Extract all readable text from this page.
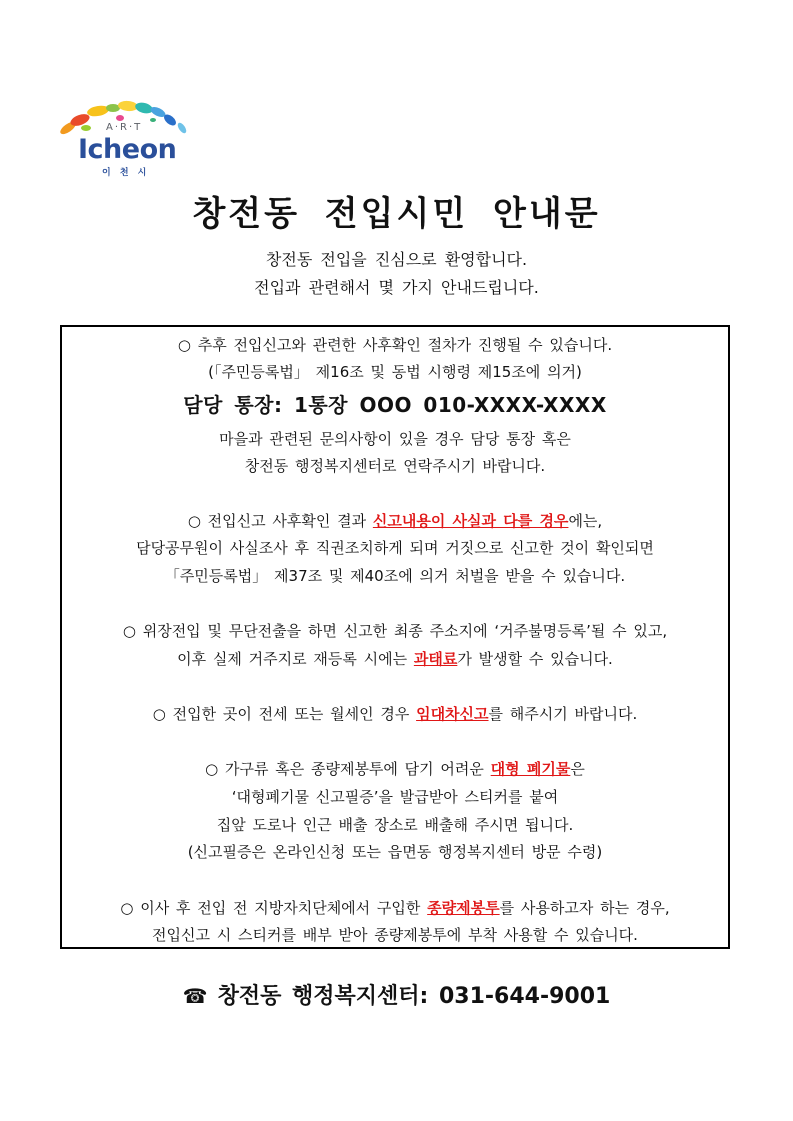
A·R·T
Icheon
이 천 시
창전동 전입시민 안내문
창전동 전입을 진심으로 환영합니다.
전입과 관련해서 몇 가지 안내드립니다.
○ 추후 전입신고와 관련한 사후확인 절차가 진행될 수 있습니다.
(「주민등록법」 제16조 및 동법 시행령 제15조에 의거)
담당 통장: 1통장 OOO 010-XXXX-XXXX
마을과 관련된 문의사항이 있을 경우 담당 통장 혹은
창전동 행정복지센터로 연락주시기 바랍니다.
○ 전입신고 사후확인 결과 신고내용이 사실과 다를 경우에는,
담당공무원이 사실조사 후 직권조치하게 되며 거짓으로 신고한 것이 확인되면
「주민등록법」 제37조 및 제40조에 의거 처벌을 받을 수 있습니다.
○ 위장전입 및 무단전출을 하면 신고한 최종 주소지에 ‘거주불명등록’될 수 있고,
이후 실제 거주지로 재등록 시에는 과태료가 발생할 수 있습니다.
○ 전입한 곳이 전세 또는 월세인 경우 임대차신고를 해주시기 바랍니다.
○ 가구류 혹은 종량제봉투에 담기 어려운 대형 폐기물은
‘대형폐기물 신고필증’을 발급받아 스티커를 붙여
집앞 도로나 인근 배출 장소로 배출해 주시면 됩니다.
(신고필증은 온라인신청 또는 읍면동 행정복지센터 방문 수령)
○ 이사 후 전입 전 지방자치단체에서 구입한 종량제봉투를 사용하고자 하는 경우,
전입신고 시 스티커를 배부 받아 종량제봉투에 부착 사용할 수 있습니다.
☎ 창전동 행정복지센터: 031-644-9001
